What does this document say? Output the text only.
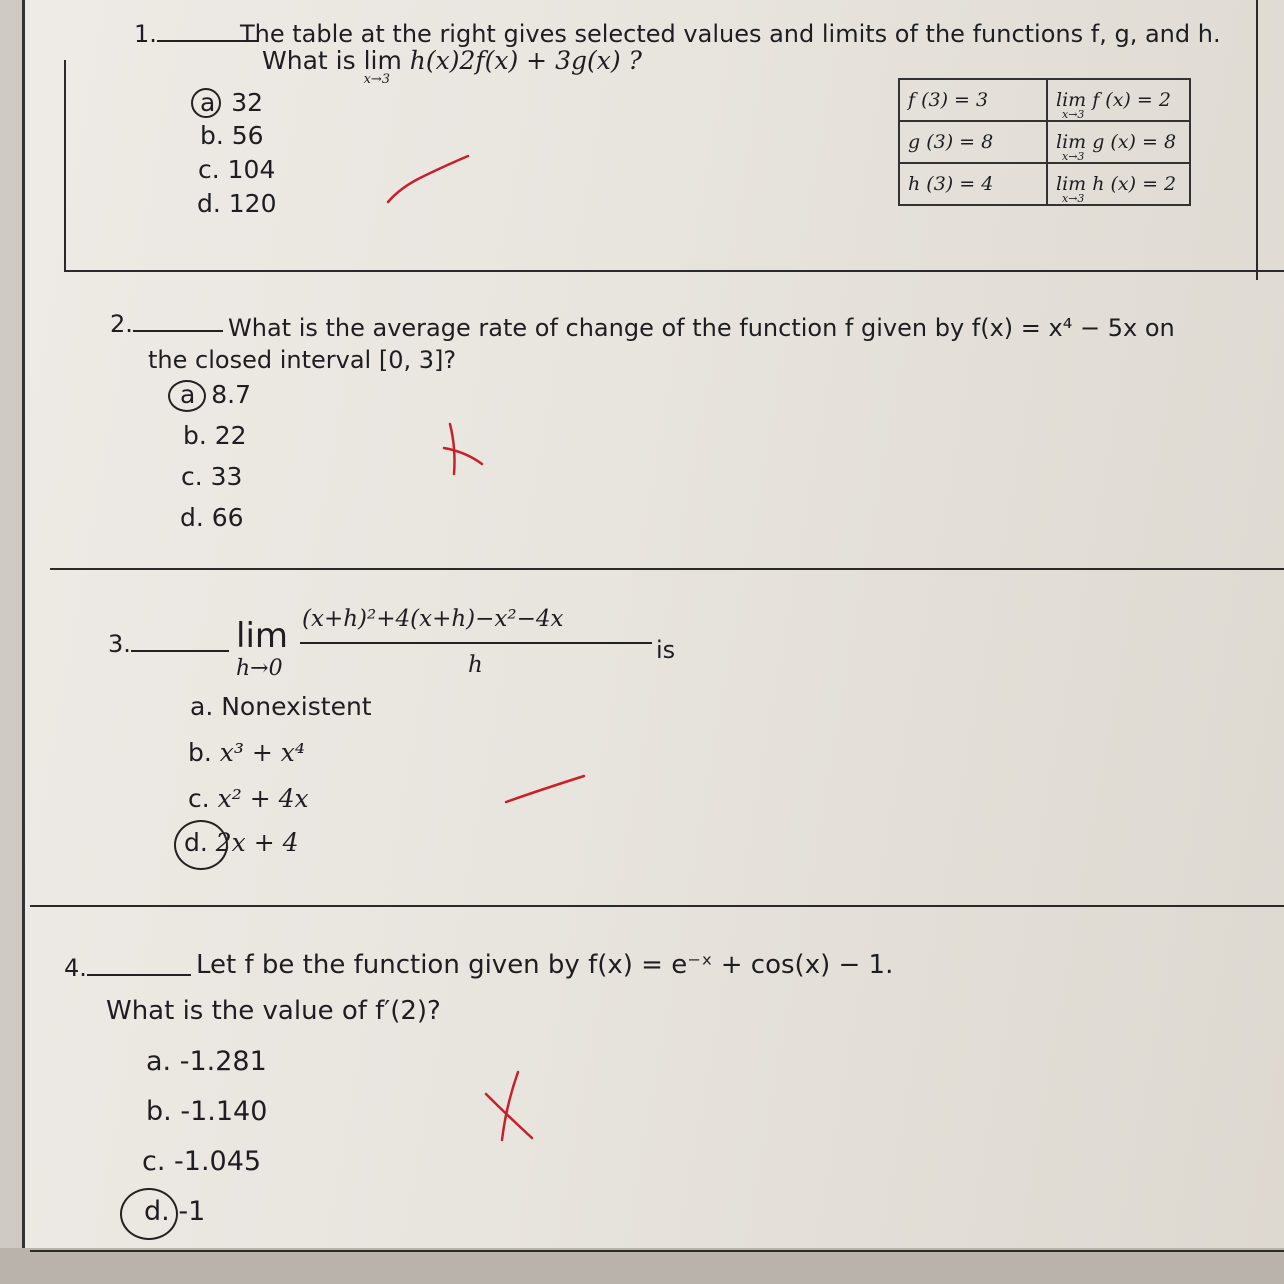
1.	The table at the right gives selected values and limits of the functions f, g, and h.
What is lim
x→3
h(x)2f(x) + 3g(x) ?
a 32
b. 56
c. 104
d. 120
f (3) = 3	lim f (x) = 2
x→3

g (3) = 8	lim g (x) = 8
x→3

h (3) = 4	lim h (x) = 2
x→3
2.	What is the average rate of change of the function f given by f(x) = x⁴ − 5x on
the closed interval [0, 3]?
a 8.7
b. 22
c. 33
d. 66
3.	lim
h→0
(x+h)²+4(x+h)−x²−4x
h
is
a. Nonexistent
b. x³ + x⁴
c. x² + 4x
d. 2x + 4
4.	Let f be the function given by f(x) = e⁻ˣ + cos(x) − 1.
What is the value of f′(2)?
a. -1.281
b. -1.140
c. -1.045
d. -1
